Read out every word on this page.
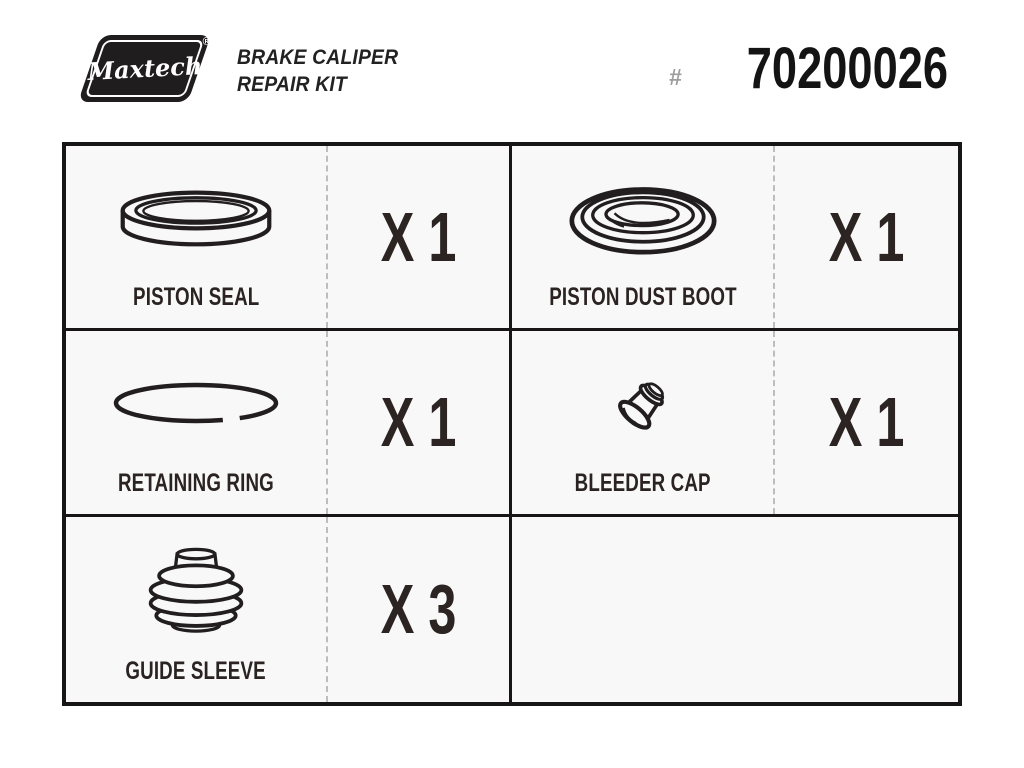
Maxtech
®
BRAKE CALIPER
REPAIR KIT	# 70200026
PISTON SEAL
X 1
PISTON DUST BOOT
X 1
RETAINING RING
X 1
BLEEDER CAP
X 1
GUIDE SLEEVE
X 3
